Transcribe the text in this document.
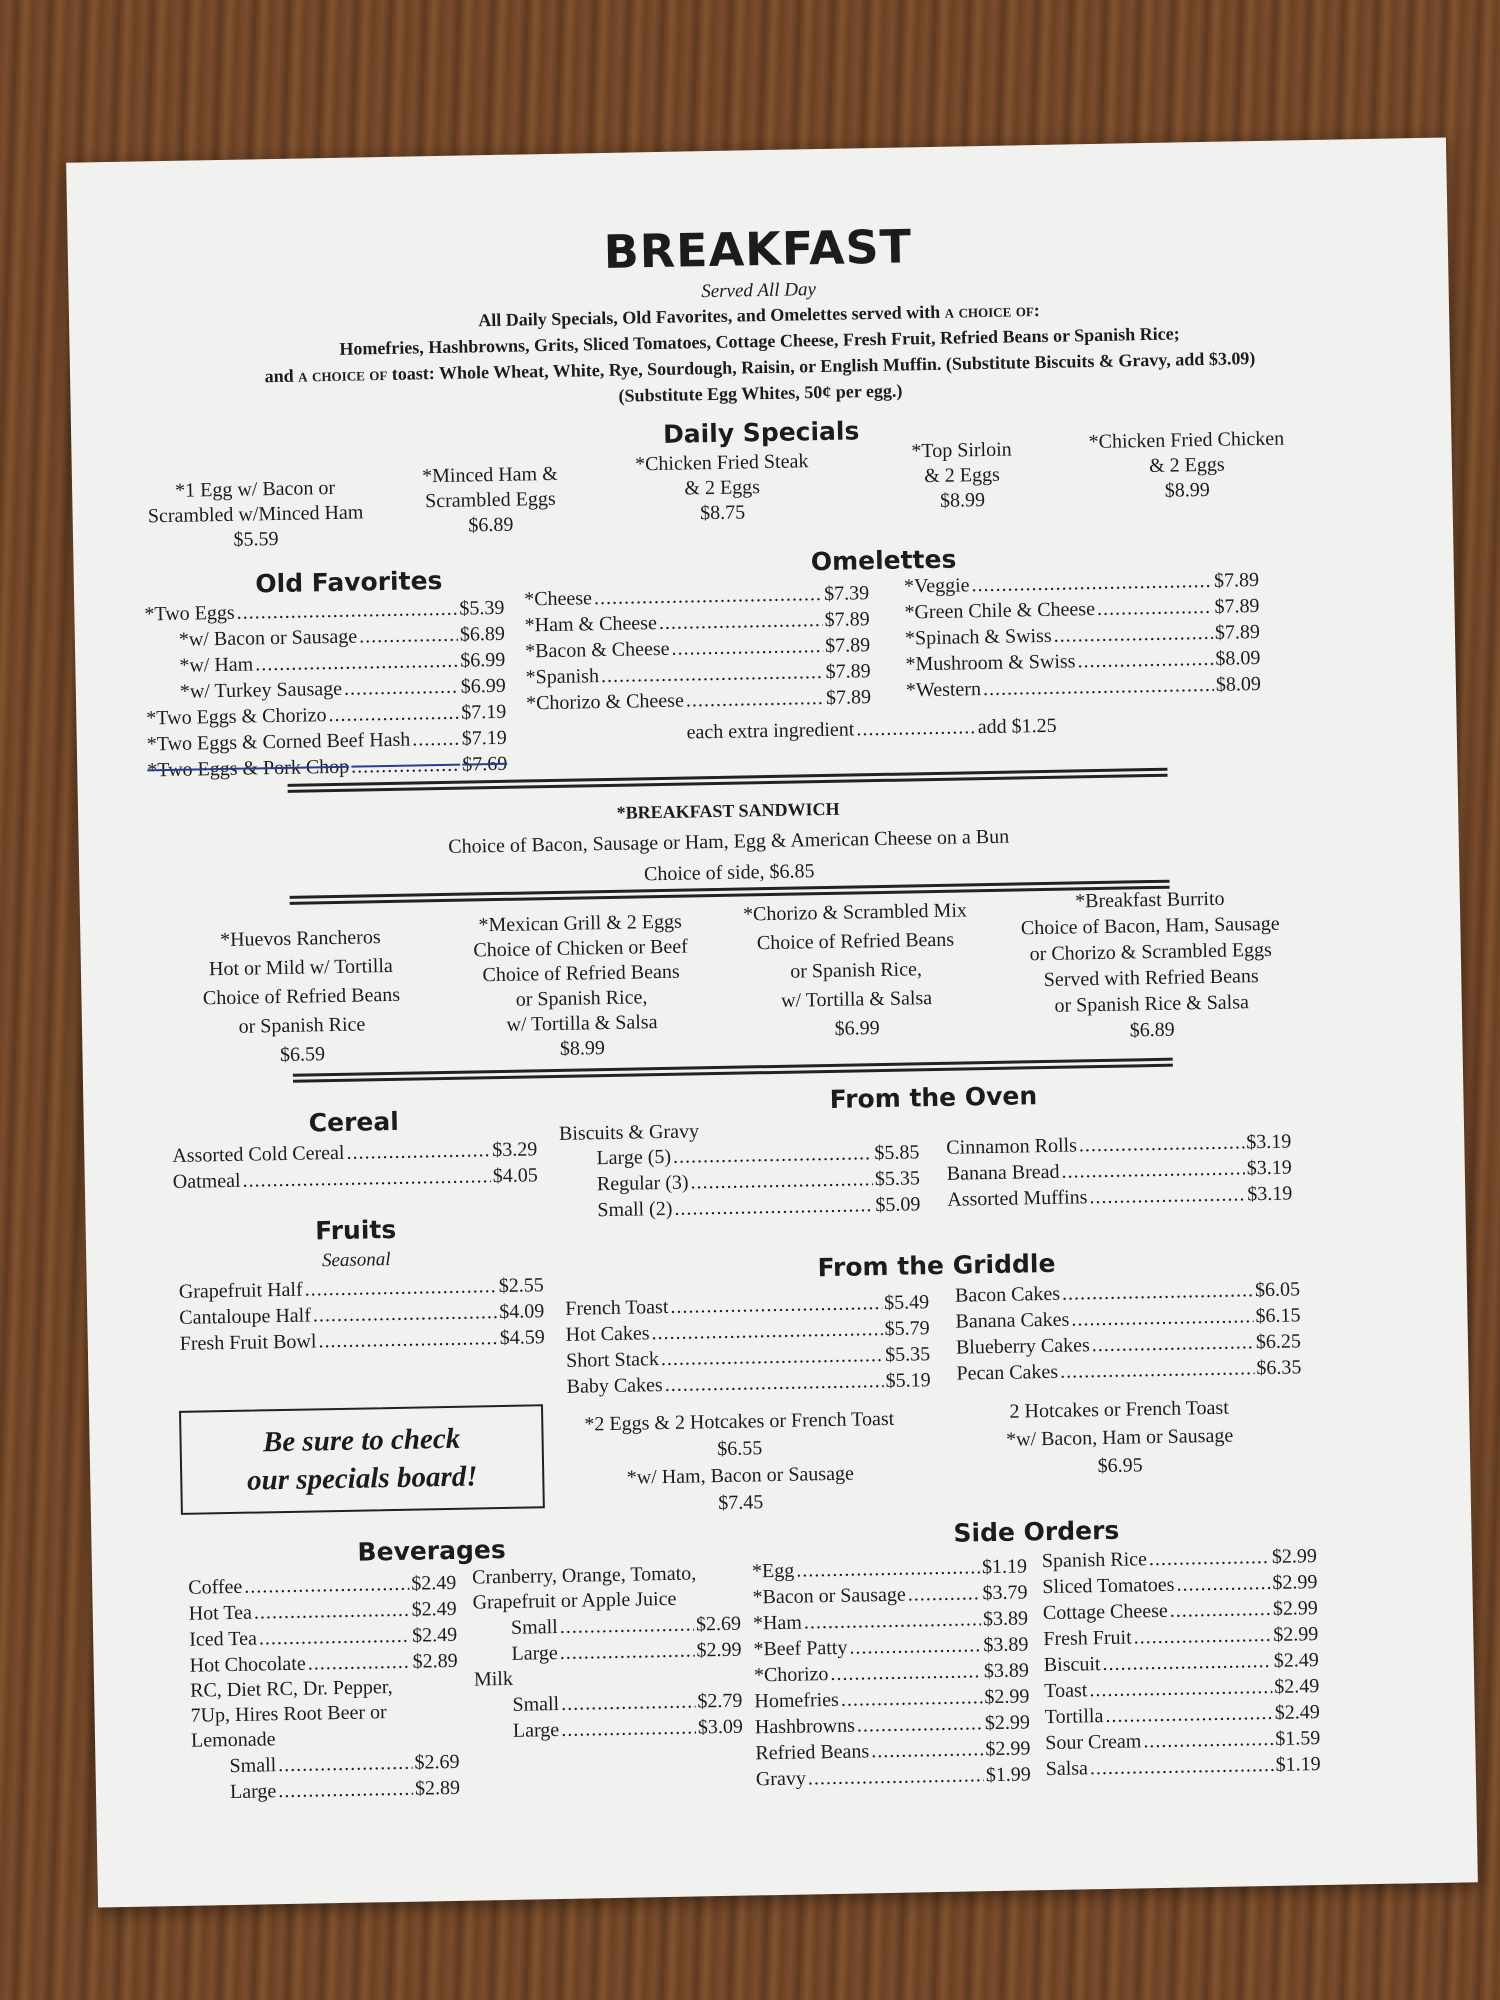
BREAKFAST
Served All Day
All Daily Specials, Old Favorites, and Omelettes served with a choice of:
Homefries, Hashbrowns, Grits, Sliced Tomatoes, Cottage Cheese, Fresh Fruit, Refried Beans or Spanish Rice;
and a choice of toast: Whole Wheat, White, Rye, Sourdough, Raisin, or English Muffin. (Substitute Biscuits & Gravy, add $3.09)
(Substitute Egg Whites, 50¢ per egg.)
Daily Specials
*1 Egg w/ Bacon or
Scrambled w/Minced Ham
$5.59
*Minced Ham &
Scrambled Eggs
$6.89
*Chicken Fried Steak
& 2 Eggs
$8.75
*Top Sirloin
& 2 Eggs
$8.99
*Chicken Fried Chicken
& 2 Eggs
$8.99
Old Favorites
*Two Eggs .....	$5.39
*w/ Bacon or Sausage .....	$6.89
*w/ Ham .....	$6.99
*w/ Turkey Sausage .....	$6.99
*Two Eggs & Chorizo .....	$7.19
*Two Eggs & Corned Beef Hash .....	$7.19
*Two Eggs & Pork Chop .....	$7.69
Omelettes
*Cheese .....	$7.39
*Ham & Cheese .....	$7.89
*Bacon & Cheese .....	$7.89
*Spanish .....	$7.89
*Chorizo & Cheese .....	$7.89
*Veggie .....	$7.89
*Green Chile & Cheese .....	$7.89
*Spinach & Swiss .....	$7.89
*Mushroom & Swiss .....	$8.09
*Western .....	$8.09
each extra ingredient .....	add $1.25
*BREAKFAST SANDWICH
Choice of Bacon, Sausage or Ham, Egg & American Cheese on a Bun
Choice of side, $6.85
*Huevos Rancheros
Hot or Mild w/ Tortilla
Choice of Refried Beans
or Spanish Rice
$6.59
*Mexican Grill & 2 Eggs
Choice of Chicken or Beef
Choice of Refried Beans
or Spanish Rice,
w/ Tortilla & Salsa
$8.99
*Chorizo & Scrambled Mix
Choice of Refried Beans
or Spanish Rice,
w/ Tortilla & Salsa
$6.99
*Breakfast Burrito
Choice of Bacon, Ham, Sausage
or Chorizo & Scrambled Eggs
Served with Refried Beans
or Spanish Rice & Salsa
$6.89
Cereal
Assorted Cold Cereal .....	$3.29
Oatmeal .....	$4.05
Fruits
Seasonal
Grapefruit Half .....	$2.55
Cantaloupe Half .....	$4.09
Fresh Fruit Bowl .....	$4.59
From the Oven
Biscuits & Gravy
Large (5) .....	$5.85
Regular (3) .....	$5.35
Small (2) .....	$5.09
Cinnamon Rolls .....	$3.19
Banana Bread .....	$3.19
Assorted Muffins .....	$3.19
From the Griddle
French Toast .....	$5.49
Hot Cakes .....	$5.79
Short Stack .....	$5.35
Baby Cakes .....	$5.19
Bacon Cakes .....	$6.05
Banana Cakes .....	$6.15
Blueberry Cakes .....	$6.25
Pecan Cakes .....	$6.35
*2 Eggs & 2 Hotcakes or French Toast
$6.55
*w/ Ham, Bacon or Sausage
$7.45
2 Hotcakes or French Toast
*w/ Bacon, Ham or Sausage
$6.95
Be sure to check
our specials board!
Beverages
Coffee .....	$2.49
Hot Tea .....	$2.49
Iced Tea .....	$2.49
Hot Chocolate .....	$2.89
RC, Diet RC, Dr. Pepper,
7Up, Hires Root Beer or
Lemonade
Small .....	$2.69
Large .....	$2.89
Cranberry, Orange, Tomato,
Grapefruit or Apple Juice
Small .....	$2.69
Large .....	$2.99
Milk
Small .....	$2.79
Large .....	$3.09
Side Orders
*Egg .....	$1.19
*Bacon or Sausage .....	$3.79
*Ham .....	$3.89
*Beef Patty .....	$3.89
*Chorizo .....	$3.89
Homefries .....	$2.99
Hashbrowns .....	$2.99
Refried Beans .....	$2.99
Gravy .....	$1.99
Spanish Rice .....	$2.99
Sliced Tomatoes .....	$2.99
Cottage Cheese .....	$2.99
Fresh Fruit .....	$2.99
Biscuit .....	$2.49
Toast .....	$2.49
Tortilla .....	$2.49
Sour Cream .....	$1.59
Salsa .....	$1.19
